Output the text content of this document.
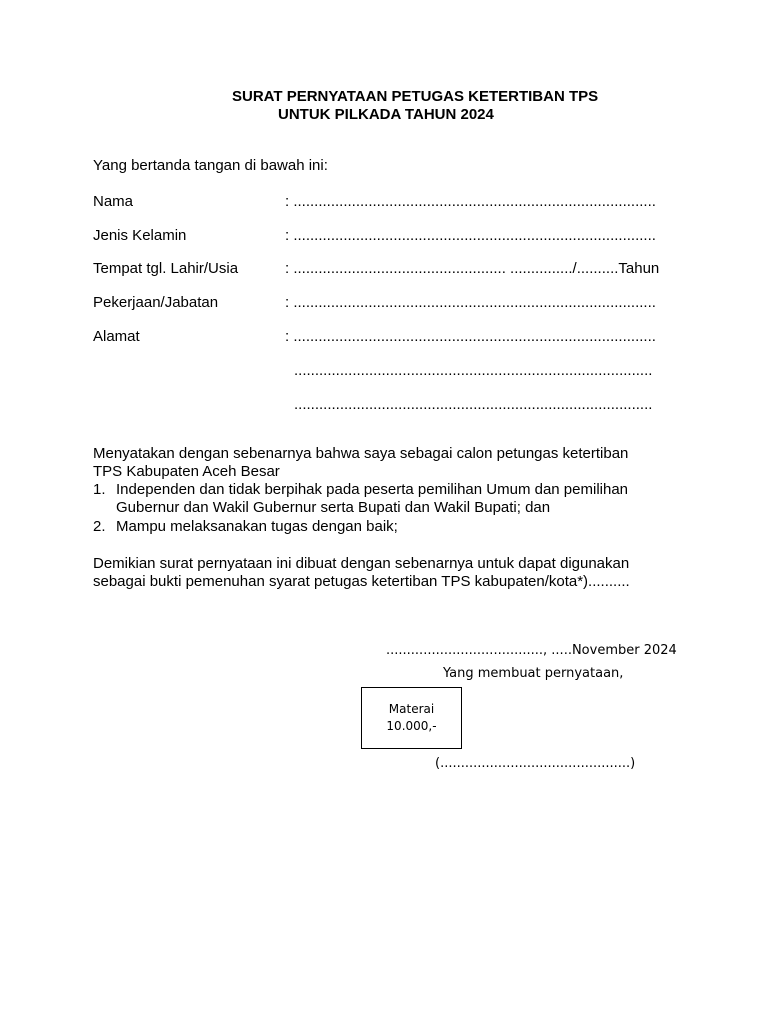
SURAT PERNYATAAN PETUGAS KETERTIBAN TPS
UNTUK PILKADA TAHUN 2024
Yang bertanda tangan di bawah ini:
Nama	: .......................................................................................
Jenis Kelamin	: .......................................................................................
Tempat tgl. Lahir/Usia	: ................................................... .............../..........Tahun
Pekerjaan/Jabatan	: .......................................................................................
Alamat	: .......................................................................................
......................................................................................
......................................................................................
Menyatakan dengan sebenarnya bahwa saya sebagai calon petungas ketertiban
TPS Kabupaten Aceh Besar
1. Independen dan tidak berpihak pada peserta pemilihan Umum dan pemilihan
Gubernur dan Wakil Gubernur serta Bupati dan Wakil Bupati; dan
2. Mampu melaksanakan tugas dengan baik;
Demikian surat pernyataan ini dibuat dengan sebenarnya untuk dapat digunakan
sebagai bukti pemenuhan syarat petugas ketertiban TPS kabupaten/kota*)..........
......................................, .....November 2024
Yang membuat pernyataan,
Materai
10.000,-
(..............................................)
